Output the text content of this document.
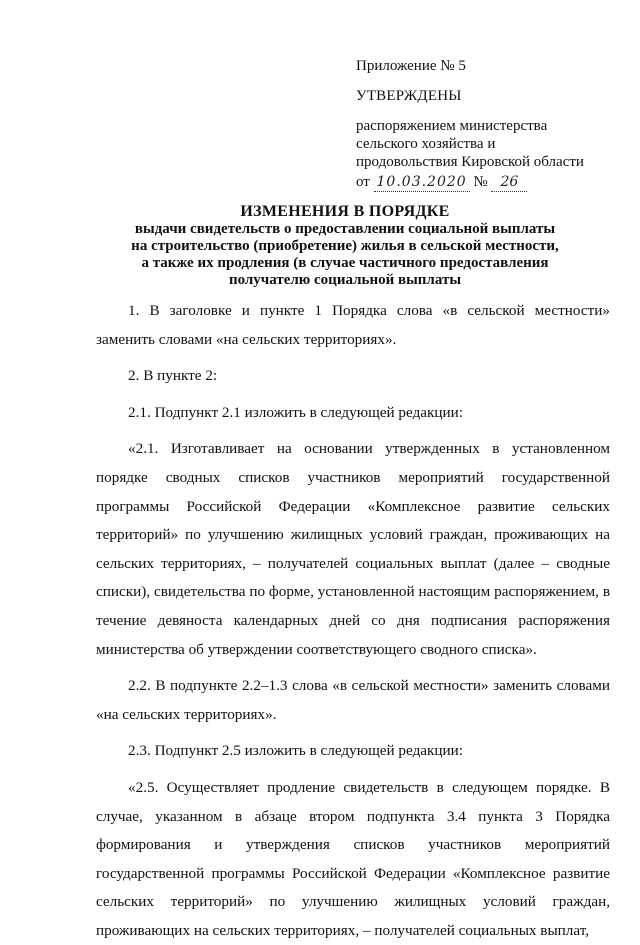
Приложение № 5
УТВЕРЖДЕНЫ
распоряжением министерства
сельского хозяйства и
продовольствия Кировской области
от 10.03.2020 № 26
ИЗМЕНЕНИЯ В ПОРЯДКЕ
выдачи свидетельств о предоставлении социальной выплаты
на строительство (приобретение) жилья в сельской местности,
а также их продления (в случае частичного предоставления
получателю социальной выплаты

1. В заголовке и пункте 1 Порядка слова «в сельской местности» заменить словами «на сельских территориях».

2. В пункте 2:

2.1. Подпункт 2.1 изложить в следующей редакции:

«2.1. Изготавливает на основании утвержденных в установленном порядке сводных списков участников мероприятий государственной программы Российской Федерации «Комплексное развитие сельских территорий» по улучшению жилищных условий граждан, проживающих на сельских территориях, – получателей социальных выплат (далее – сводные списки), свидетельства по форме, установленной настоящим распоряжением, в течение девяноста календарных дней со дня подписания распоряжения министерства об утверждении соответствующего сводного списка».

2.2. В подпункте 2.2–1.3 слова «в сельской местности» заменить словами «на сельских территориях».

2.3. Подпункт 2.5 изложить в следующей редакции:

«2.5. Осуществляет продление свидетельств в следующем порядке. В случае, указанном в абзаце втором подпункта 3.4 пункта 3 Порядка формирования и утверждения списков участников мероприятий государственной программы Российской Федерации «Комплексное развитие сельских территорий» по улучшению жилищных условий граждан, проживающих на сельских территориях, – получателей социальных выплат,
